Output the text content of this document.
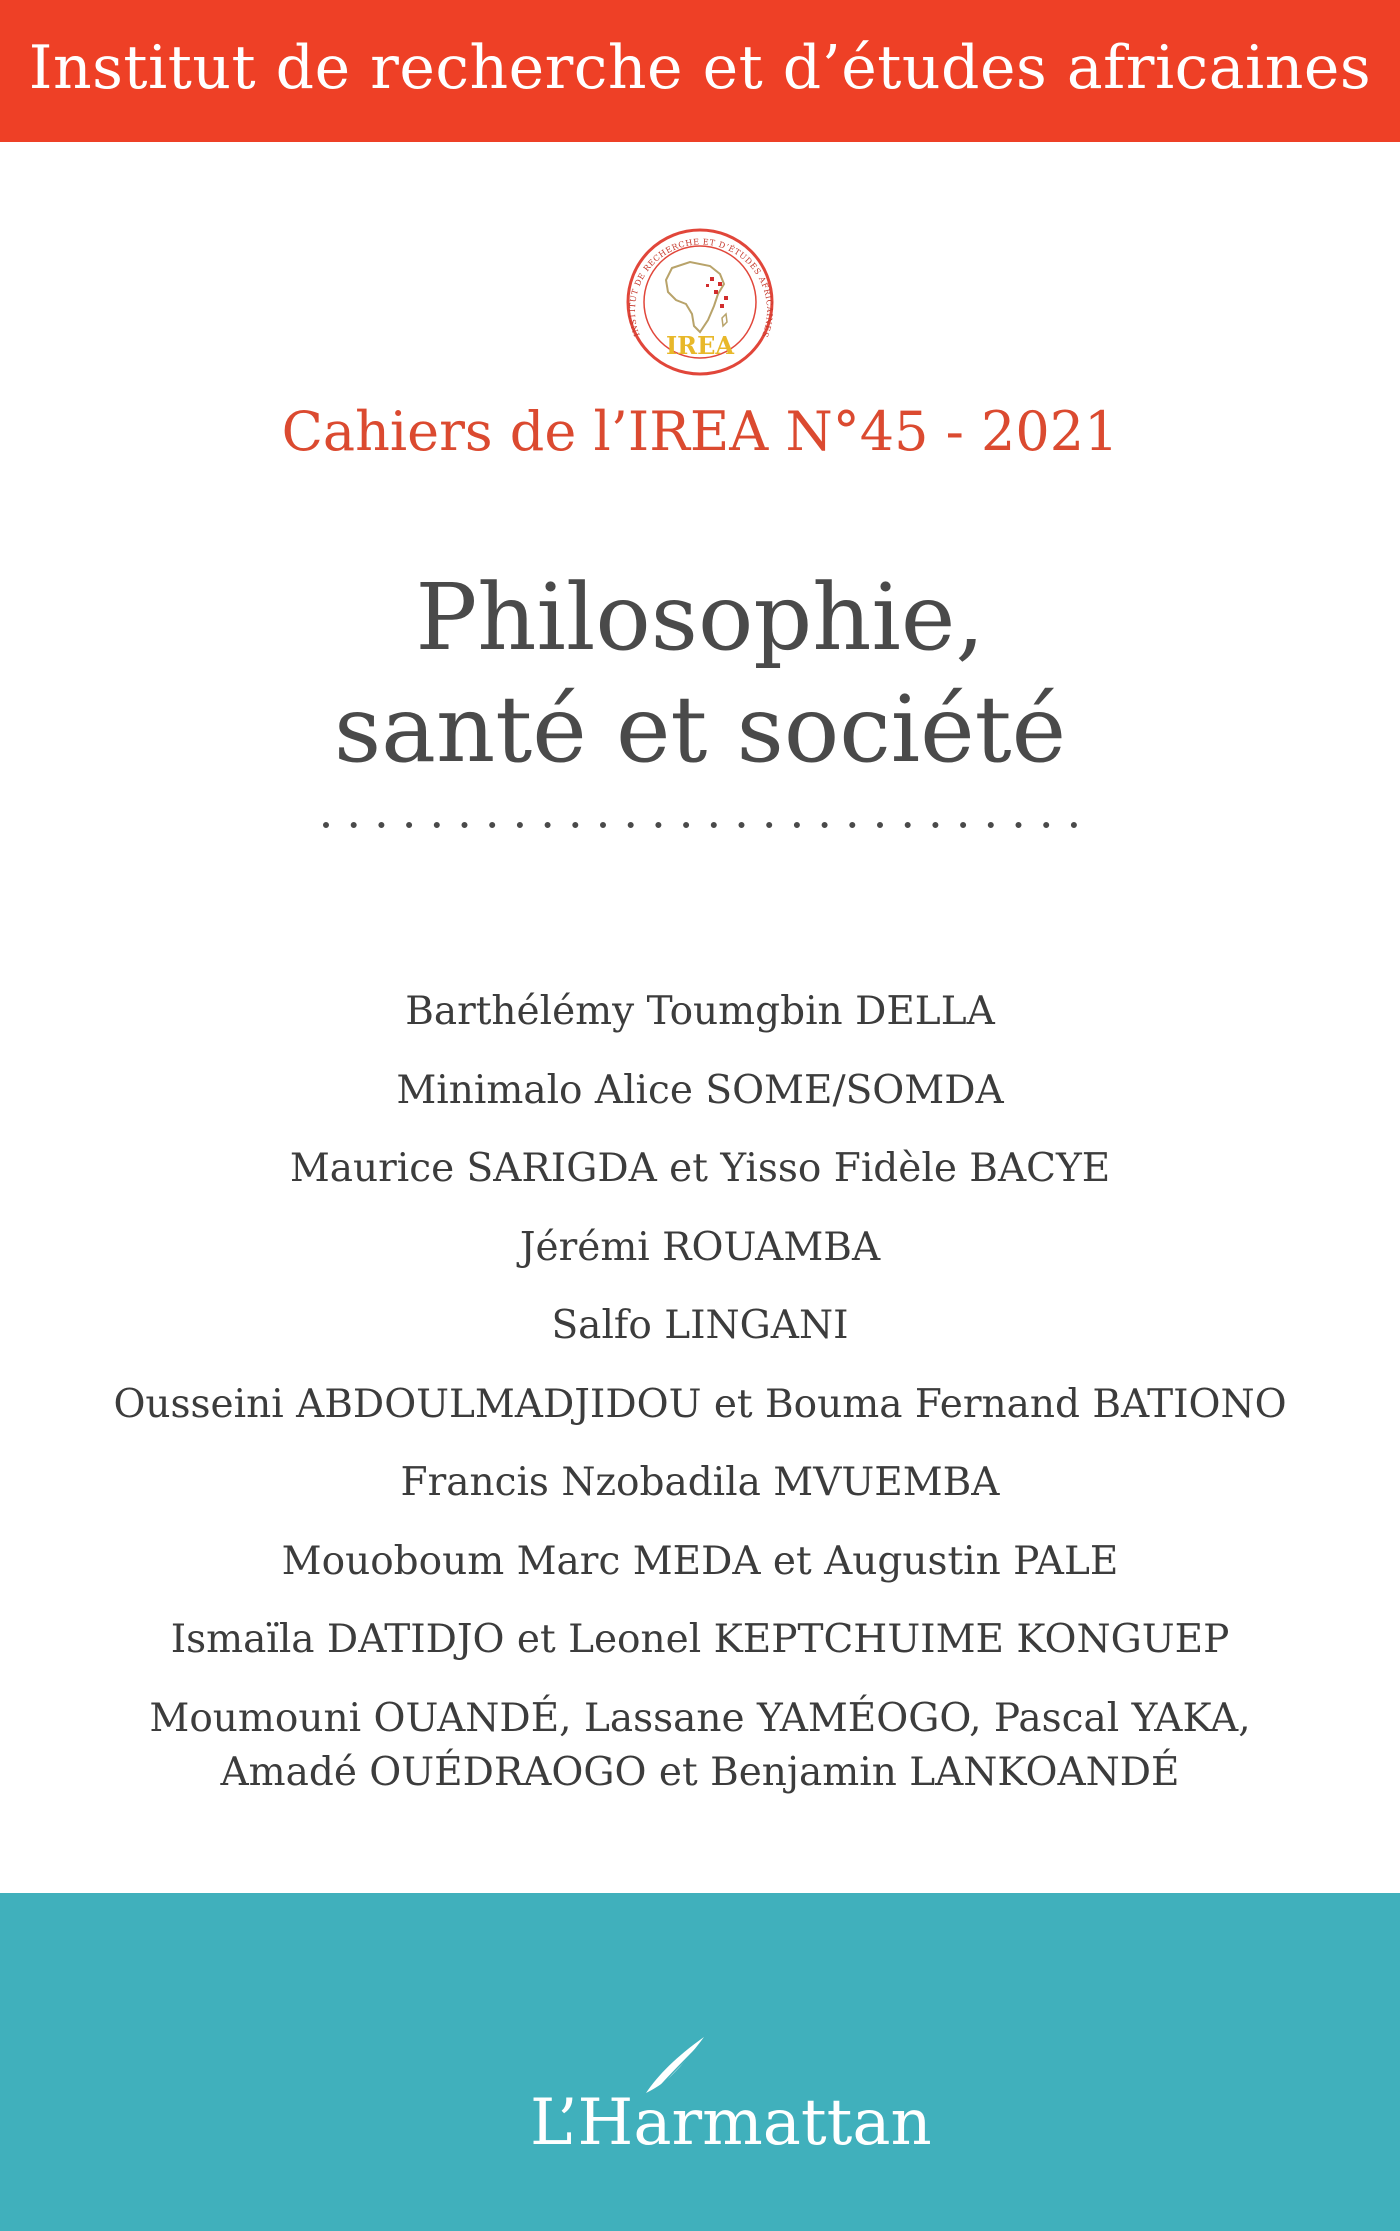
Institut de recherche et d’études africaines
INSTITUT DE RECHERCHE ET D’ÉTUDES AFRICAINES
IREA
Cahiers de l’IREA N°45 - 2021
Philosophie,
santé et société
Barthélémy Toumgbin DELLA
Minimalo Alice SOME/SOMDA
Maurice SARIGDA et Yisso Fidèle BACYE
Jérémi ROUAMBA
Salfo LINGANI
Ousseini ABDOULMADJIDOU et Bouma Fernand BATIONO
Francis Nzobadila MVUEMBA
Mouoboum Marc MEDA et Augustin PALE
Ismaïla DATIDJO et Leonel KEPTCHUIME KONGUEP
Moumouni OUANDÉ, Lassane YAMÉOGO, Pascal YAKA,
Amadé OUÉDRAOGO et Benjamin LANKOANDÉ
L’Harmattan
